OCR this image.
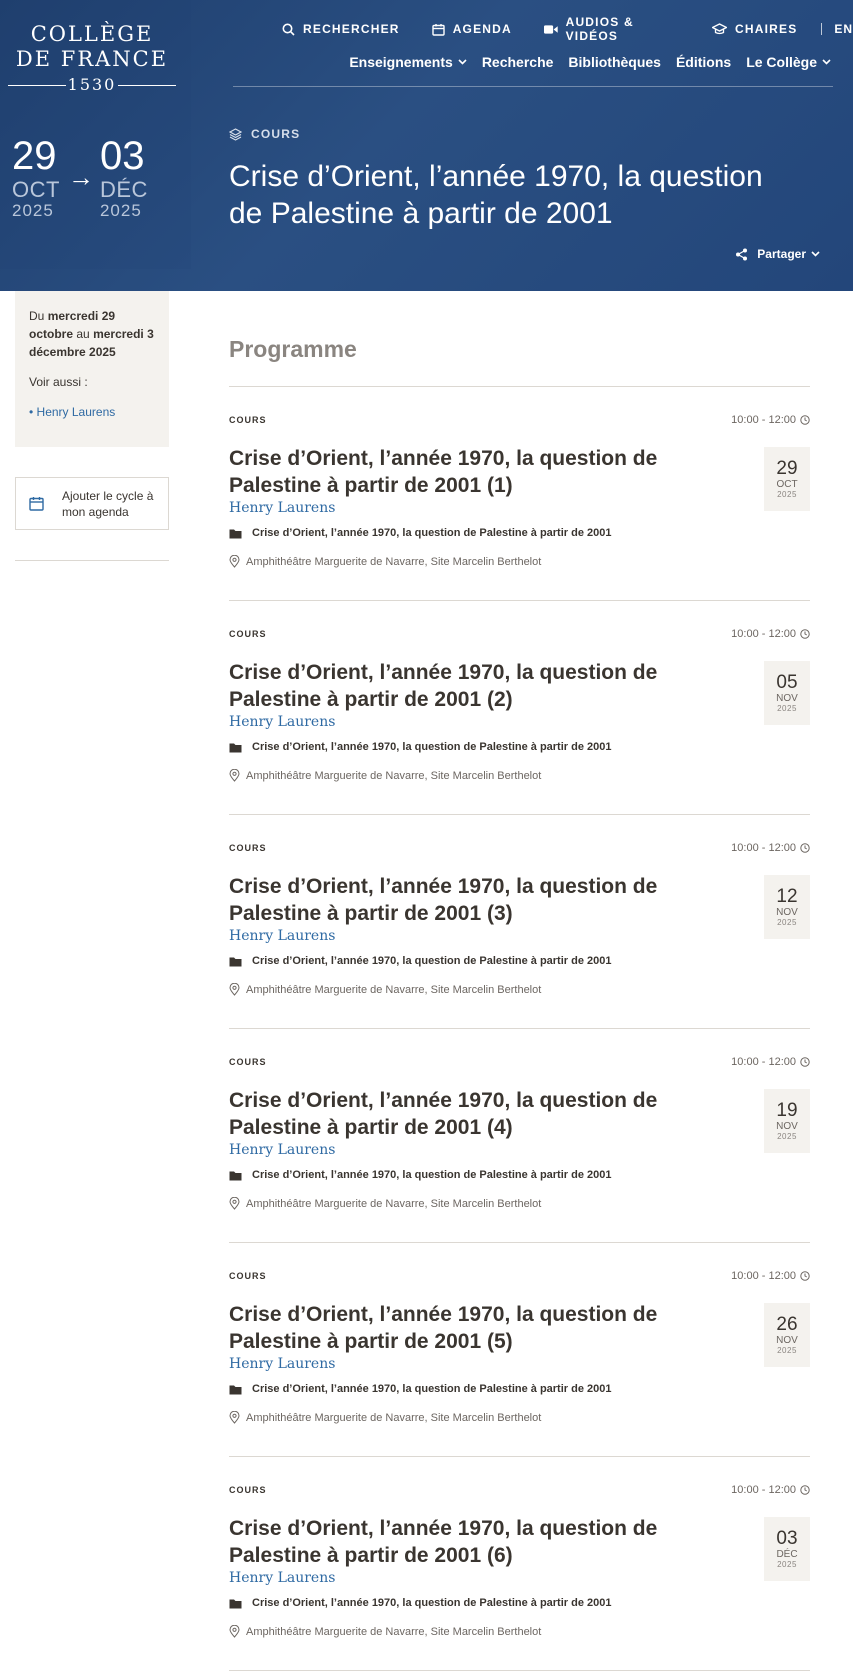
COLLÈGE
DE FRANCE
1530
RECHERCHER	AGENDA	AUDIOS & VIDÉOS	CHAIRES	EN
Enseignements Recherche Bibliothèques Éditions Le Collège
29
OCT
2025
→ 03
DÉC
2025
COURS
Crise d’Orient, l’année 1970, la question de Palestine à partir de 2001
Partager
Du mercredi 29 octobre au mercredi 3 décembre 2025
Voir aussi :
• Henry Laurens
Ajouter le cycle à mon agenda
Programme
COURS	10:00 - 12:00
Crise d’Orient, l’année 1970, la question de Palestine à partir de 2001 (1)
Henry Laurens
Crise d’Orient, l’année 1970, la question de Palestine à partir de 2001
Amphithéâtre Marguerite de Navarre, Site Marcelin Berthelot
29
OCT
2025
COURS	10:00 - 12:00
Crise d’Orient, l’année 1970, la question de Palestine à partir de 2001 (2)
Henry Laurens
Crise d’Orient, l’année 1970, la question de Palestine à partir de 2001
Amphithéâtre Marguerite de Navarre, Site Marcelin Berthelot
05
NOV
2025
COURS	10:00 - 12:00
Crise d’Orient, l’année 1970, la question de Palestine à partir de 2001 (3)
Henry Laurens
Crise d’Orient, l’année 1970, la question de Palestine à partir de 2001
Amphithéâtre Marguerite de Navarre, Site Marcelin Berthelot
12
NOV
2025
COURS	10:00 - 12:00
Crise d’Orient, l’année 1970, la question de Palestine à partir de 2001 (4)
Henry Laurens
Crise d’Orient, l’année 1970, la question de Palestine à partir de 2001
Amphithéâtre Marguerite de Navarre, Site Marcelin Berthelot
19
NOV
2025
COURS	10:00 - 12:00
Crise d’Orient, l’année 1970, la question de Palestine à partir de 2001 (5)
Henry Laurens
Crise d’Orient, l’année 1970, la question de Palestine à partir de 2001
Amphithéâtre Marguerite de Navarre, Site Marcelin Berthelot
26
NOV
2025
COURS	10:00 - 12:00
Crise d’Orient, l’année 1970, la question de Palestine à partir de 2001 (6)
Henry Laurens
Crise d’Orient, l’année 1970, la question de Palestine à partir de 2001
Amphithéâtre Marguerite de Navarre, Site Marcelin Berthelot
03
DÉC
2025
